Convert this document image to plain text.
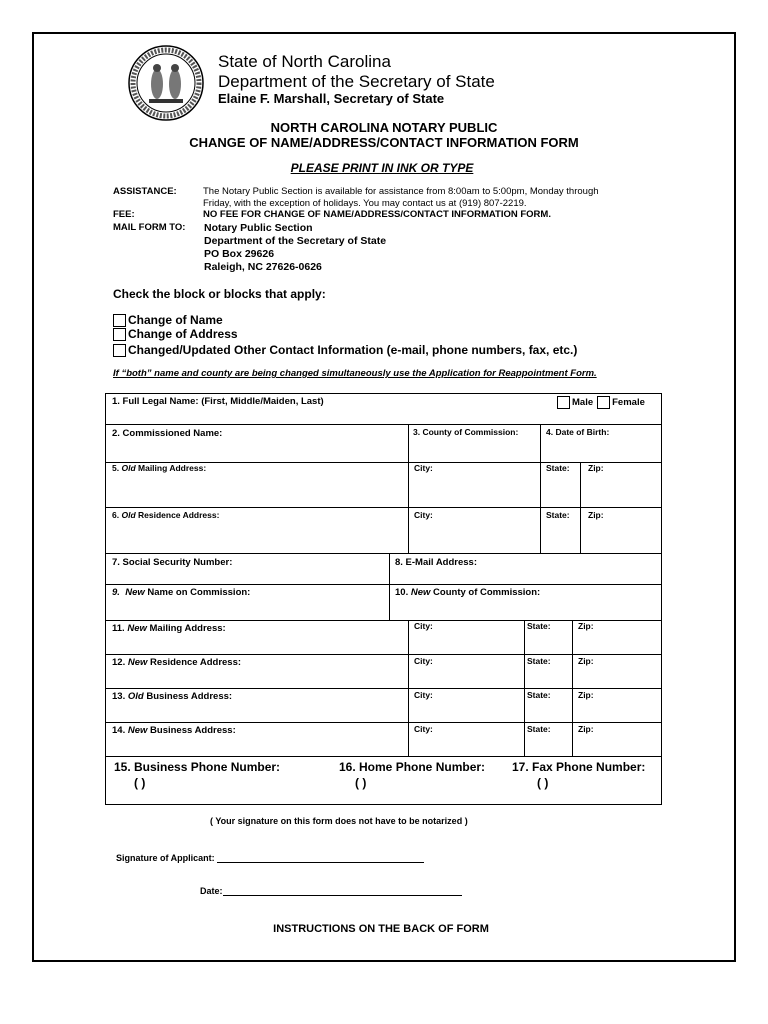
State of North Carolina
Department of the Secretary of State
Elaine F. Marshall, Secretary of State
NORTH CAROLINA NOTARY PUBLIC
CHANGE OF NAME/ADDRESS/CONTACT INFORMATION FORM
PLEASE PRINT IN INK OR TYPE
ASSISTANCE:	The Notary Public Section is available for assistance from 8:00am to 5:00pm, Monday through
Friday, with the exception of holidays. You may contact us at (919) 807-2219.
FEE:	NO FEE FOR CHANGE OF NAME/ADDRESS/CONTACT INFORMATION FORM.
MAIL FORM TO: Notary Public Section
Department of the Secretary of State
PO Box 29626
Raleigh, NC 27626-0626
Check the block or blocks that apply:
Change of Name
Change of Address
Changed/Updated Other Contact Information (e-mail, phone numbers, fax, etc.)
If “both” name and county are being changed simultaneously use the Application for Reappointment Form.
1. Full Legal Name: (First, Middle/Maiden, Last)	Male Female
2. Commissioned Name:	3. County of Commission:	4. Date of Birth:
5. Old Mailing Address:	City:	State: Zip:
6. Old Residence Address:	City:	State: Zip:
7. Social Security Number:	8. E-Mail Address:
9. New Name on Commission:	10. New County of Commission:
11. New Mailing Address:	City:	State:	Zip:
12. New Residence Address:	City:	State:	Zip:
13. Old Business Address:	City:	State:	Zip:
14. New Business Address:	City:	State:	Zip:
15. Business Phone Number:
( )
16. Home Phone Number:
( )
17. Fax Phone Number:
( )
( Your signature on this form does not have to be notarized )
Signature of Applicant:
Date:
INSTRUCTIONS ON THE BACK OF FORM
